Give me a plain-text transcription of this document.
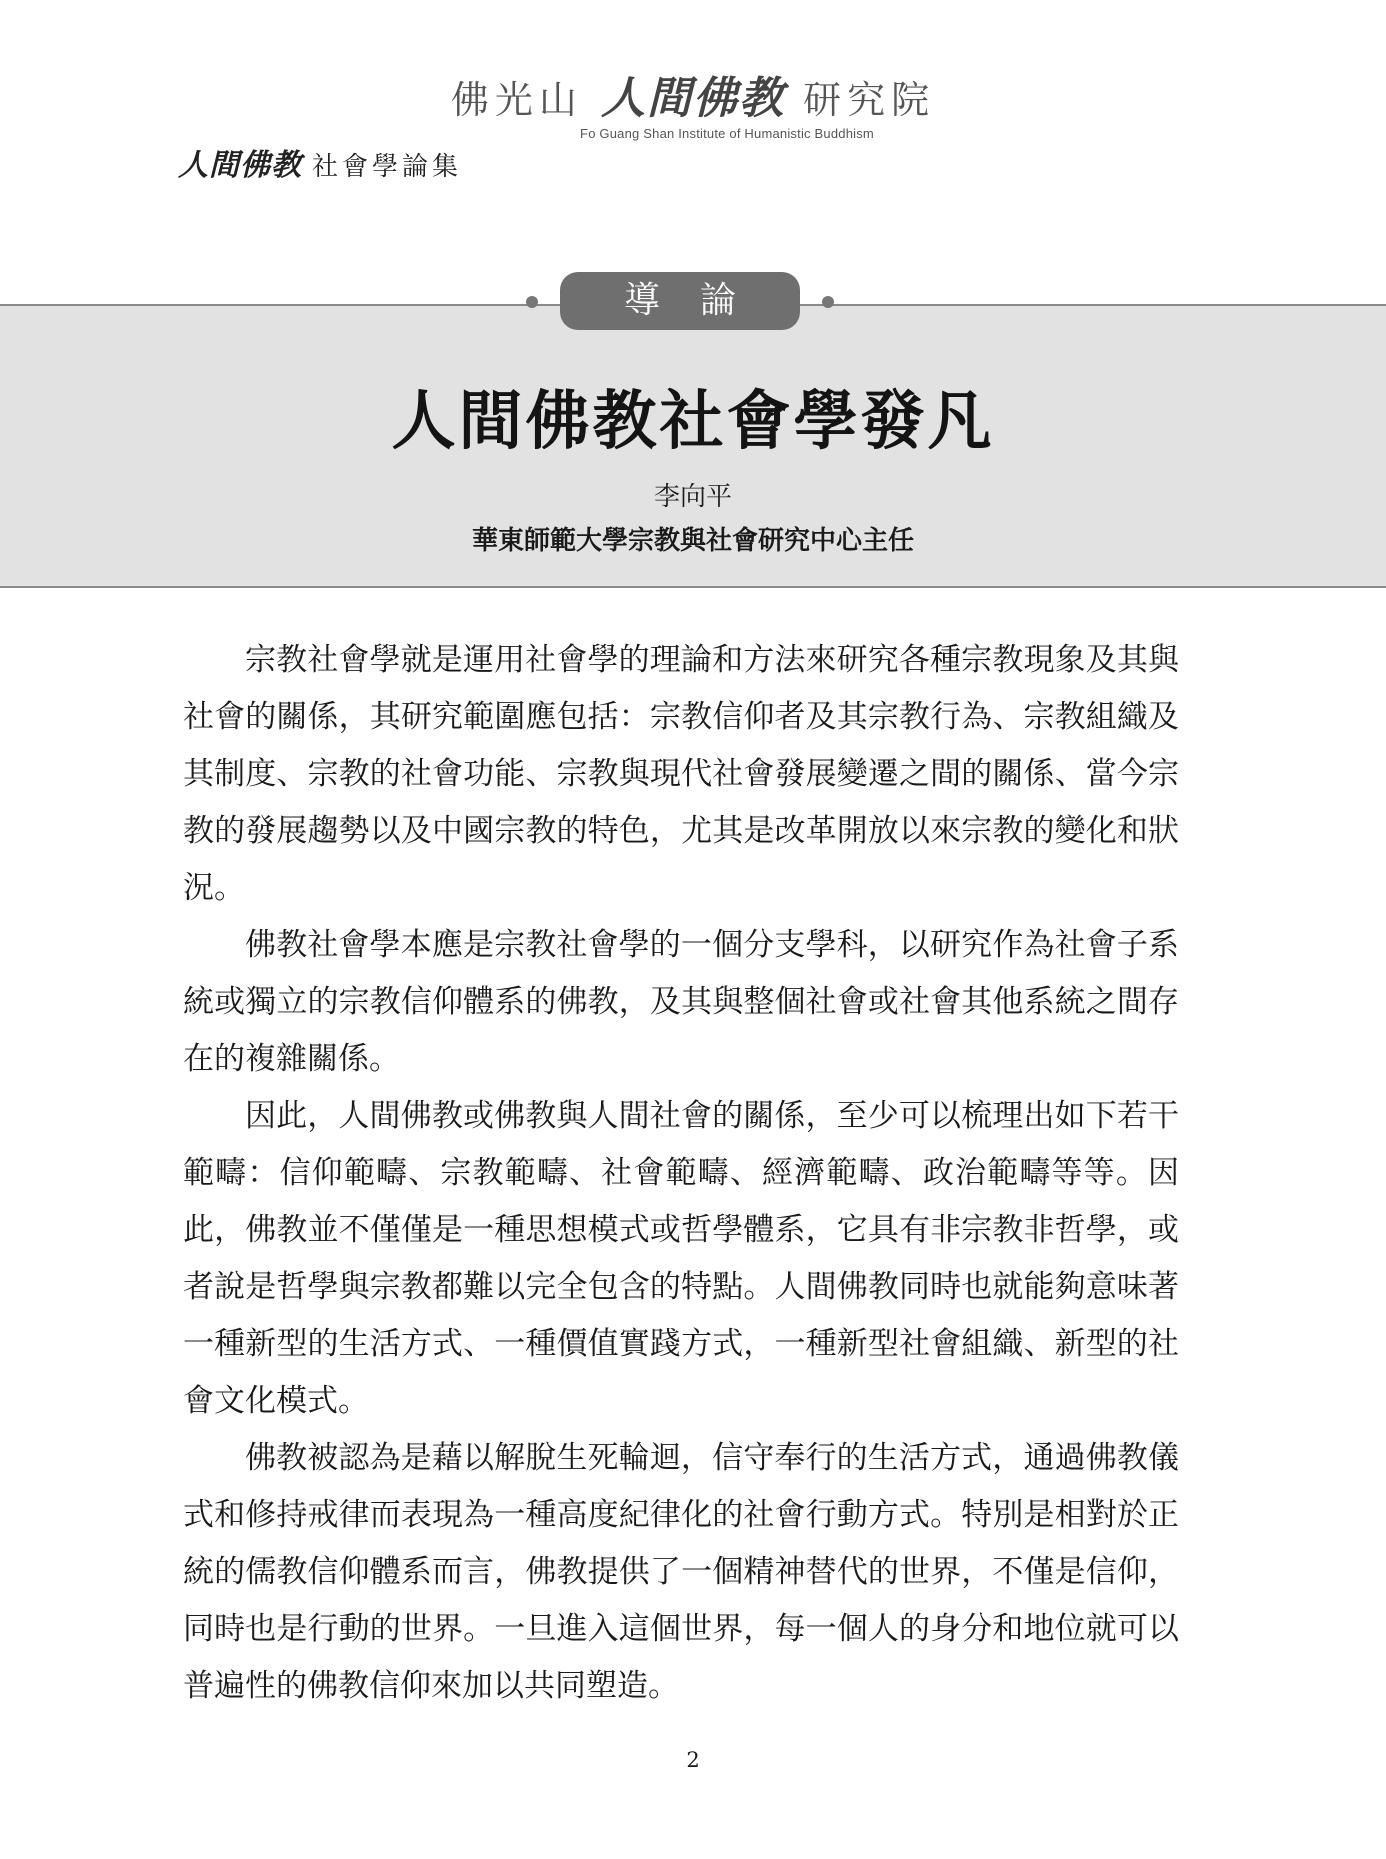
佛光山 人間佛教 研究院
Fo Guang Shan Institute of Humanistic Buddhism
人間佛教 社會學論集
導論
人間佛教社會學發凡
李向平
華東師範大學宗教與社會研究中心主任

宗教社會學就是運用社會學的理論和方法來研究各種宗教現象及其與社會的關係，其研究範圍應包括：宗教信仰者及其宗教行為、宗教組織及其制度、宗教的社會功能、宗教與現代社會發展變遷之間的關係、當今宗教的發展趨勢以及中國宗教的特色，尤其是改革開放以來宗教的變化和狀況。

佛教社會學本應是宗教社會學的一個分支學科，以研究作為社會子系統或獨立的宗教信仰體系的佛教，及其與整個社會或社會其他系統之間存在的複雜關係。

因此，人間佛教或佛教與人間社會的關係，至少可以梳理出如下若干範疇：信仰範疇、宗教範疇、社會範疇、經濟範疇、政治範疇等等。因此，佛教並不僅僅是一種思想模式或哲學體系，它具有非宗教非哲學，或者說是哲學與宗教都難以完全包含的特點。人間佛教同時也就能夠意味著一種新型的生活方式、一種價值實踐方式，一種新型社會組織、新型的社會文化模式。

佛教被認為是藉以解脫生死輪迴，信守奉行的生活方式，通過佛教儀式和修持戒律而表現為一種高度紀律化的社會行動方式。特別是相對於正統的儒教信仰體系而言，佛教提供了一個精神替代的世界，不僅是信仰，同時也是行動的世界。一旦進入這個世界，每一個人的身分和地位就可以普遍性的佛教信仰來加以共同塑造。

2
